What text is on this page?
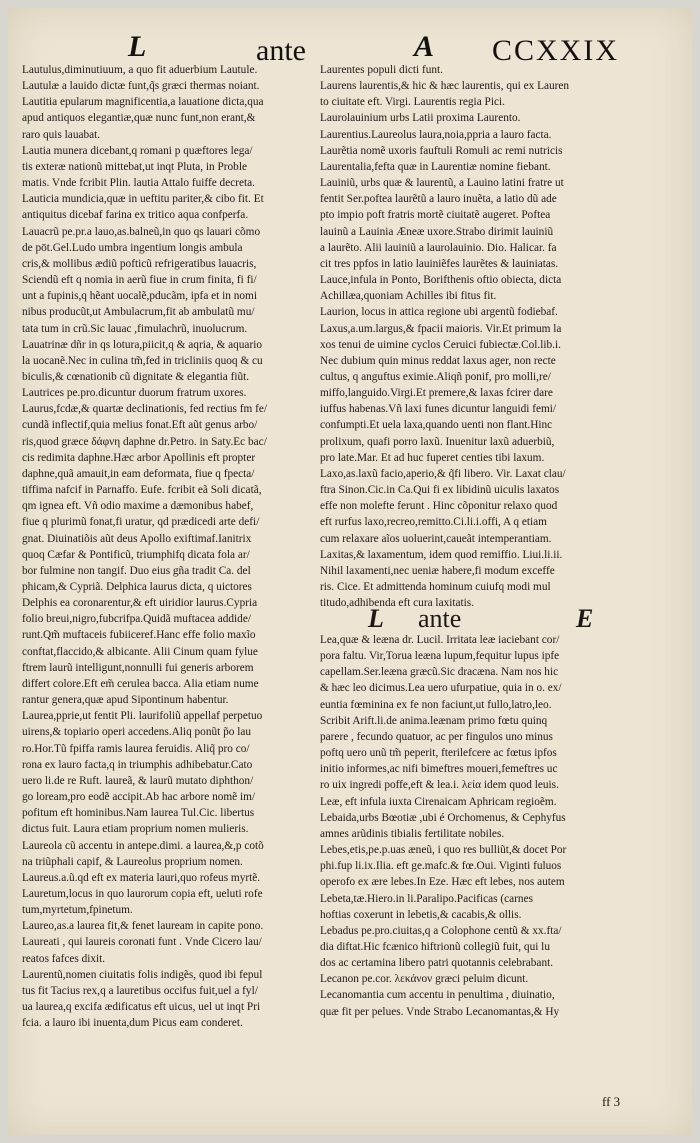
L	ante	A CCXXIX
Lautulus,diminutiuum, a quo fit aduerbium Lautule.
Lautulæ a lauido dictæ funt,q̃s græci thermas noiant.
Lautitia epularum magnificentia,a lauatione dicta,qua
apud antiquos elegantiæ,quæ nunc funt,non erant,&
raro quis lauabat.
Lautia munera dicebant,q romani p quæftores lega/
tis exteræ nationũ mittebat,ut inqt Pluta, in Proble
matis. Vnde fcribit Plin. lautia Attalo fuiffe decreta.
Lauticia mundicia,quæ in ueftitu pariter,& cibo fit. Et
antiquitus dicebaf farina ex tritico aqua confperfa.
Lauacrũ pe.pr.a lauo,as.balneũ,in quo qs lauari cõmo
de pōt.Gel.Ludo umbra ingentium longis ambula
cris,& mollibus ædiũ pofticũ refrigeratibus lauacris,
Sciendũ eft q nomia in aerũ fiue in crum finita, fi fi/
unt a fupinis,q hẽant uocalẽ,pducãm, ipfa et in nomi
nibus producũt,ut Ambulacrum,fit ab ambulatũ mu/
tata tum in crũ.Sic lauac ,fimulachrũ, inuolucrum.
Lauatrinæ dñr in qs lotura,piicit,q & aqria, & aquario
la uocanẽ.Nec in culina tm̃,fed in tricliniis quoq & cu
biculis,& cœnationib cũ dignitate & elegantia fiũt.
Lautrices pe.pro.dicuntur duorum fratrum uxores.
Laurus,fcdæ,& quartæ declinationis, fed rectius fm fe/
cundã inflectif,quia melius fonat.Eft aũt genus arbo/
ris,quod græce δάφνη daphne dr.Petro. in Saty.Ec bac/
cis redimita daphne.Hæc arbor Apollinis eft propter
daphne,quã amauit,in eam deformata, fiue q fpecta/
tiffima nafcif in Parnaffo. Eufe. fcribit eã Soli dicatã,
qm ignea eft. Vñ odio maxime a dæmonibus habef,
fiue q plurimũ fonat,fi uratur, qd prædicedi arte defi/
gnat. Diuinatiõis aũt deus Apollo exiftimaf.Ianitrix
quoq Cæfar & Pontificũ, triumphifq dicata fola ar/
bor fulmine non tangif. Duo eius gña tradit Ca. del
phicam,& Cypriã. Delphica laurus dicta, q uictores
Delphis ea coronarentur,& eft uiridior laurus.Cypria
folio breui,nigro,fubcrifpa.Quidã muftacea addide/
runt.Qm̃ muftaceis fubiiceref.Hanc effe folio maxĩo
conftat,flaccido,& albicante. Alii Cinum quam fylue
ftrem laurũ intelligunt,nonnulli fui generis arborem
differt colore.Eft em̃ cerulea bacca. Alia etiam nume
rantur genera,quæ apud Sipontinum habentur.
Laurea,pprie,ut fentit Pli. laurifoliũ appellaf perpetuo
uirens,& topiario operi accedens.Aliq ponũt p̃o lau
ro.Hor.Tũ fpiffa ramis laurea feruidis. Aliq̃ pro co/
rona ex lauro facta,q in triumphis adhibebatur.Cato
uero li.de re Ruft. laureã, & laurũ mutato diphthon/
go loream,pro eodẽ accipit.Ab hac arbore nomẽ im/
pofitum eft hominibus.Nam laurea Tul.Cic. libertus
dictus fuit. Laura etiam proprium nomen mulieris.
Laureola cũ accentu in antepe.dimi. a laurea,&,p cotõ
na triũphali capif, & Laureolus proprium nomen.
Laureus.a.ũ.qd eft ex materia lauri,quo rofeus myrtẽ.
Lauretum,locus in quo laurorum copia eft, ueluti rofe
tum,myrtetum,fpinetum.
Laureo,as.a laurea fit,& fenet lauream in capite pono.
Laureati , qui laureis coronati funt . Vnde Cicero lau/
reatos fafces dixit.
Laurentũ,nomen ciuitatis folis indigẽs, quod ibi fepul
tus fit Tacius rex,q a lauretibus occifus fuit,uel a fyl/
ua laurea,q excifa ædificatus eft uicus, uel ut inqt Pri
fcia. a lauro ibi inuenta,dum Picus eam conderet.
Laurentes populi dicti funt.
Laurens laurentis,& hic & hæc laurentis, qui ex Lauren
to ciuitate eft. Virgi. Laurentis regia Pici.
Laurolauinium urbs Latii proxima Laurento.
Laurentius.Laureolus laura,noia,ppria a lauro facta.
Laurẽtia nomẽ uxoris fauftuli Romuli ac remi nutricis
Laurentalia,fefta quæ in Laurentiæ nomine fiebant.
Lauiniũ, urbs quæ & laurentũ, a Lauino latini fratre ut
fentit Ser.poftea laurẽtũ a lauro inuẽta, a latio dũ ade
pto impio poft fratris mortẽ ciuitatẽ augeret. Poftea
lauinũ a Lauinia Æneæ uxore.Strabo dirimit lauiniũ
a laurẽto. Alii lauiniũ a laurolauinio. Dio. Halicar. fa
cit tres ppfos in latio lauiniẽfes laurẽtes & lauiniatas.
Lauce,infula in Ponto, Borifthenis oftio obiecta, dicta
Achillæa,quoniam Achilles ibi fitus fit.
Laurion, locus in attica regione ubi argentũ fodiebaf.
Laxus,a.um.largus,& fpacii maioris. Vir.Et primum la
xos tenui de uimine cyclos Ceruici fubiectæ.Col.lib.i.
Nec dubium quin minus reddat laxus ager, non recte
cultus, q anguftus eximie.Aliqñ ponif, pro molli,re/
miffo,languido.Virgi.Et premere,& laxas fcirer dare
iuffus habenas.Vñ laxi funes dicuntur languidi femi/
confumpti.Et uela laxa,quando uenti non flant.Hinc
prolixum, quafi porro laxũ. Inuenitur laxũ aduerbiũ,
pro late.Mar. Et ad huc fuperet centies tibi laxum.
Laxo,as.laxũ facio,aperio,& q̃fi libero. Vir. Laxat clau/
ftra Sinon.Cic.in Ca.Qui fi ex libidinũ uiculis laxatos
effe non molefte ferunt . Hinc cõponitur relaxo quod
eft rurfus laxo,recreo,remitto.Ci.li.i.offi, A q etiam
cum relaxare aĩos uoluerint,caueãt intemperantiam.
Laxitas,& laxamentum, idem quod remiffio. Liui.li.ii.
Nihil laxamenti,nec ueniæ habere,fi modum exceffe
ris. Cice. Et admittenda hominum cuiufq modi mul
titudo,adhibenda eft cura laxitatis.
L ante	E
Lea,quæ & leæna dr. Lucil. Irritata leæ iaciebant cor/
pora faltu. Vir,Torua leæna lupum,fequitur lupus ipfe
capellam.Ser.leæna græcũ.Sic dracæna. Nam nos hic
& hæc leo dicimus.Lea uero ufurpatiue, quia in o. ex/
euntia fœminina ex fe non faciunt,ut fullo,latro,leo.
Scribit Arift.li.de anima.leænam primo fœtu quinq
parere , fecundo quatuor, ac per fingulos uno minus
poftq uero unũ tm̃ peperit, fterilefcere ac fœtus ipfos
initio informes,ac nifi bimeftres moueri,femeftres uc
ro uix ingredi poffe,eft & lea.i. λεία idem quod leuis.
Leæ, eft infula iuxta Cirenaicam Aphricam regioẽm.
Lebaida,urbs Bœotiæ ,ubi é Orchomenus, & Cephyfus
amnes arũdinis tibialis fertilitate nobiles.
Lebes,etis,pe.p.uas æneũ, i quo res bulliũt,& docet Por
phi.fup li.ix.Ilia. eft ge.mafc.& fœ.Oui. Viginti fuluos
operofo ex ære lebes.In Eze. Hæc eft lebes, nos autem
Lebeta,tæ.Hiero.in li.Paralipo.Pacificas (carnes
hoftias coxerunt in lebetis,& cacabis,& ollis.
Lebadus pe.pro.ciuitas,q a Colophone centũ & xx.fta/
dia diftat.Hic fcænico hiftrionũ collegiũ fuit, qui lu
dos ac certamina libero patri quotannis celebrabant.
Lecanon pe.cor. λεκάνον græci peluim dicunt.
Lecanomantia cum accentu in penultima , diuinatio,
quæ fit per pelues. Vnde Strabo Lecanomantas,& Hy
ff 3
